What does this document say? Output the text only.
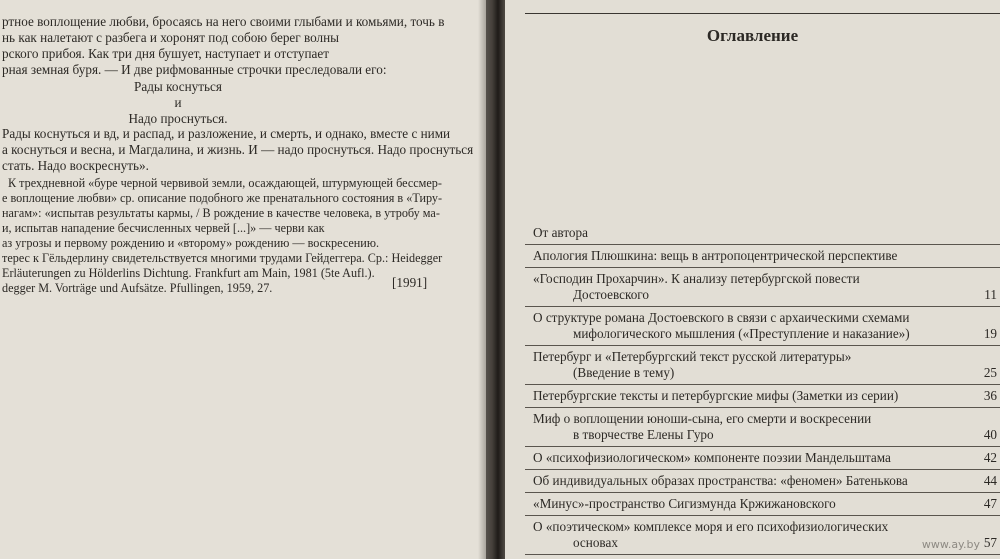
ртное воплощение любви, бросаясь на него своими глыбами и комьями, точь в
нь как налетают с разбега и хоронят под собою берег волны
рского прибоя. Как три дня бушует, наступает и отступает
рная земная буря. — И две рифмованные строчки преследовали его:
Рады коснуться
и
Надо проснуться.
Рады коснуться и вд, и распад, и разложение, и смерть, и однако, вместе с ними
а коснуться и весна, и Магдалина, и жизнь. И — надо проснуться. Надо проснуться
стать. Надо воскреснуть».
К трехдневной «буре черной червивой земли, осаждающей, штурмующей бессмер-
е воплощение любви» ср. описание подобного же пренатального состояния в «Тиру-
нагам»: «испытав результаты кармы, / В рождение в качестве человека, в утробу ма-
и, испытав нападение бесчисленных червей [...]» — черви как
аз угрозы и первому рождению и «второму» рождению — воскресению.
терес к Гёльдерлину свидетельствуется многими трудами Гейдеггера. Ср.: Heidegger
Erläuterungen zu Hölderlins Dichtung. Frankfurt am Main, 1981 (5te Aufl.).
degger M. Vorträge und Aufsätze. Pfullingen, 1959, 27.	[1991]
Оглавление
От автора
Апология Плюшкина: вещь в антропоцентрической перспективе
«Господин Прохарчин». К анализу петербургской повести
Достоевского	11
О структуре романа Достоевского в связи с архаическими схемами
мифологического мышления («Преступление и наказание»)	19
Петербург и «Петербургский текст русской литературы»
(Введение в тему)	25
Петербургские тексты и петербургские мифы (Заметки из серии)	36
Миф о воплощении юноши-сына, его смерти и воскресении
в творчестве Елены Гуро	40
О «психофизиологическом» компоненте поэзии Мандельштама	42
Об индивидуальных образах пространства: «феномен» Батенькова	44
«Минус»-пространство Сигизмунда Кржижановского	47
О «поэтическом» комплексе моря и его психофизиологических
основах	57
www.ay.by
